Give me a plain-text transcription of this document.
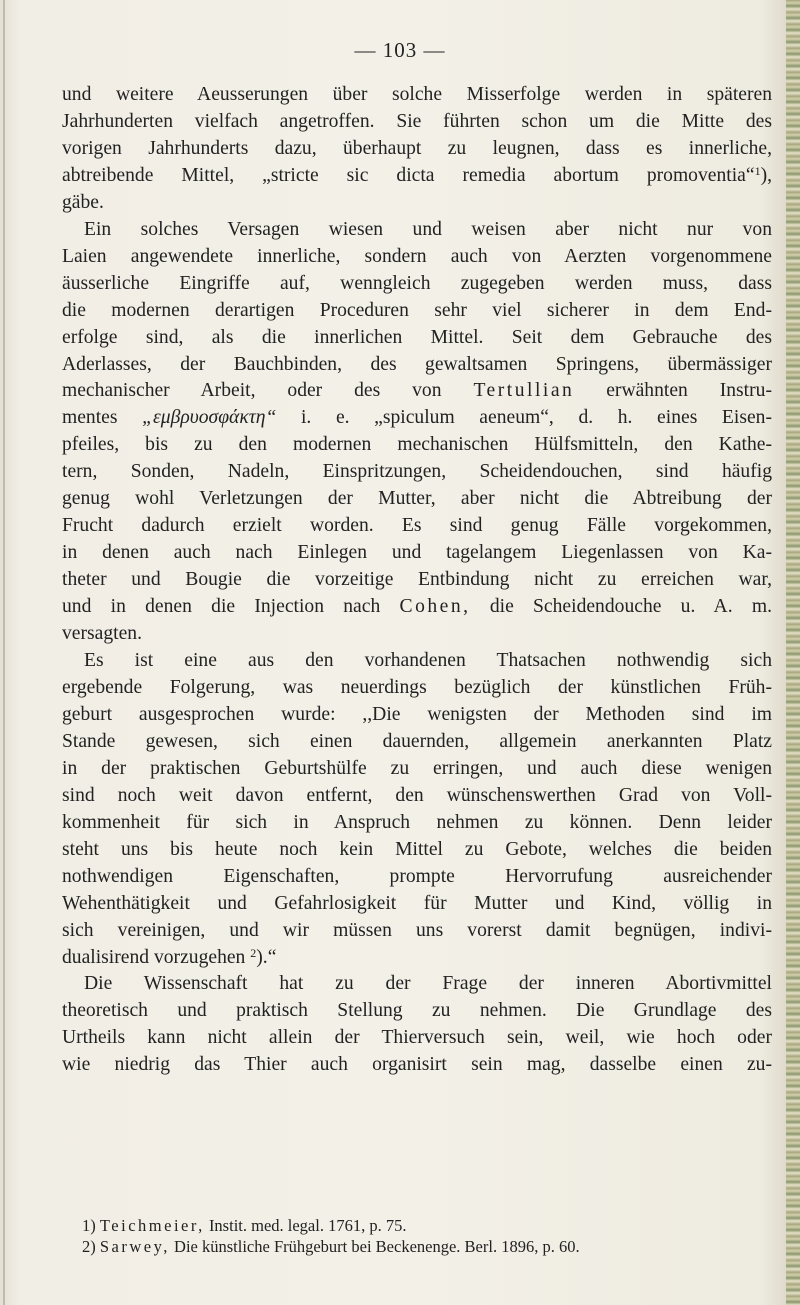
— 103 —
und weitere Aeusserungen über solche Misserfolge werden in späteren
Jahrhunderten vielfach angetroffen. Sie führten schon um die Mitte des
vorigen Jahrhunderts dazu, überhaupt zu leugnen, dass es innerliche,
abtreibende Mittel, „stricte sic dicta remedia abortum promoventia“$^1$),
gäbe.
Ein solches Versagen wiesen und weisen aber nicht nur von
Laien angewendete innerliche, sondern auch von Aerzten vorgenommene
äusserliche Eingriffe auf, wenngleich zugegeben werden muss, dass
die modernen derartigen Proceduren sehr viel sicherer in dem End-
erfolge sind, als die innerlichen Mittel. Seit dem Gebrauche des
Aderlasses, der Bauchbinden, des gewaltsamen Springens, übermässiger
mechanischer Arbeit, oder des von Tertullian erwähnten Instru-
mentes „εμβρυοσφάκτη“ i. e. „spiculum aeneum“, d. h. eines Eisen-
pfeiles, bis zu den modernen mechanischen Hülfsmitteln, den Kathe-
tern, Sonden, Nadeln, Einspritzungen, Scheidendouchen, sind häufig
genug wohl Verletzungen der Mutter, aber nicht die Abtreibung der
Frucht dadurch erzielt worden. Es sind genug Fälle vorgekommen,
in denen auch nach Einlegen und tagelangem Liegenlassen von Ka-
theter und Bougie die vorzeitige Entbindung nicht zu erreichen war,
und in denen die Injection nach Cohen, die Scheidendouche u. A. m.
versagten.
Es ist eine aus den vorhandenen Thatsachen nothwendig sich
ergebende Folgerung, was neuerdings bezüglich der künstlichen Früh-
geburt ausgesprochen wurde: ,,Die wenigsten der Methoden sind im
Stande gewesen, sich einen dauernden, allgemein anerkannten Platz
in der praktischen Geburtshülfe zu erringen, und auch diese wenigen
sind noch weit davon entfernt, den wünschenswerthen Grad von Voll-
kommenheit für sich in Anspruch nehmen zu können. Denn leider
steht uns bis heute noch kein Mittel zu Gebote, welches die beiden
nothwendigen Eigenschaften, prompte Hervorrufung ausreichender
Wehenthätigkeit und Gefahrlosigkeit für Mutter und Kind, völlig in
sich vereinigen, und wir müssen uns vorerst damit begnügen, indivi-
dualisirend vorzugehen $^2$).“
Die Wissenschaft hat zu der Frage der inneren Abortivmittel
theoretisch und praktisch Stellung zu nehmen. Die Grundlage des
Urtheils kann nicht allein der Thierversuch sein, weil, wie hoch oder
wie niedrig das Thier auch organisirt sein mag, dasselbe einen zu-
1) Teichmeier, Instit. med. legal. 1761, p. 75.
2) Sarwey, Die künstliche Frühgeburt bei Beckenenge. Berl. 1896, p. 60.
